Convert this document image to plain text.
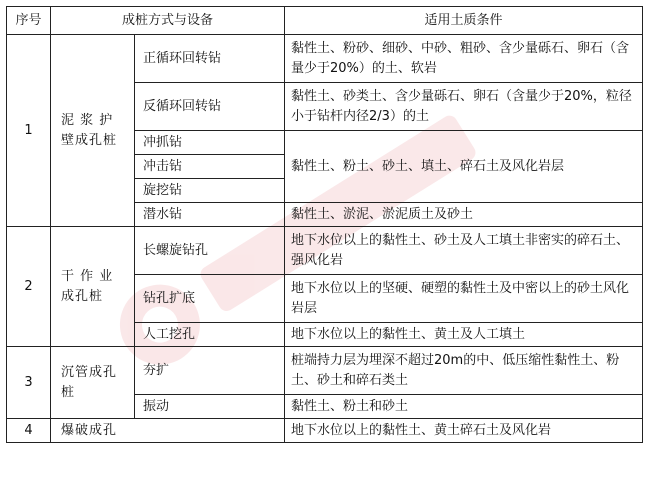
序号	成桩方式与设备		适用土质条件
1	泥 浆 护 壁成孔桩	正循环回转钻	黏性土、粉砂、细砂、中砂、粗砂、含少量砾石、卵石（含量少于20%）的土、软岩
		反循环回转钻	黏性土、砂类土、含少量砾石、卵石（含量少于20%，粒径小于钻杆内径2/3）的土
		冲抓钻	黏性土、粉土、砂土、填土、碎石土及风化岩层
		冲击钻	
		旋挖钻	
		潜水钻	黏性土、淤泥、淤泥质土及砂土
2	干 作 业成孔桩	长螺旋钻孔	地下水位以上的黏性土、砂土及人工填土非密实的碎石土、强风化岩
		钻孔扩底	地下水位以上的坚硬、硬塑的黏性土及中密以上的砂土风化岩层
		人工挖孔	地下水位以上的黏性土、黄土及人工填土
3	沉管成孔桩	夯扩	桩端持力层为埋深不超过20m的中、低压缩性黏性土、粉土、砂土和碎石类土
		振动	黏性土、粉土和砂土
4	爆破成孔		地下水位以上的黏性土、黄土碎石土及风化岩
